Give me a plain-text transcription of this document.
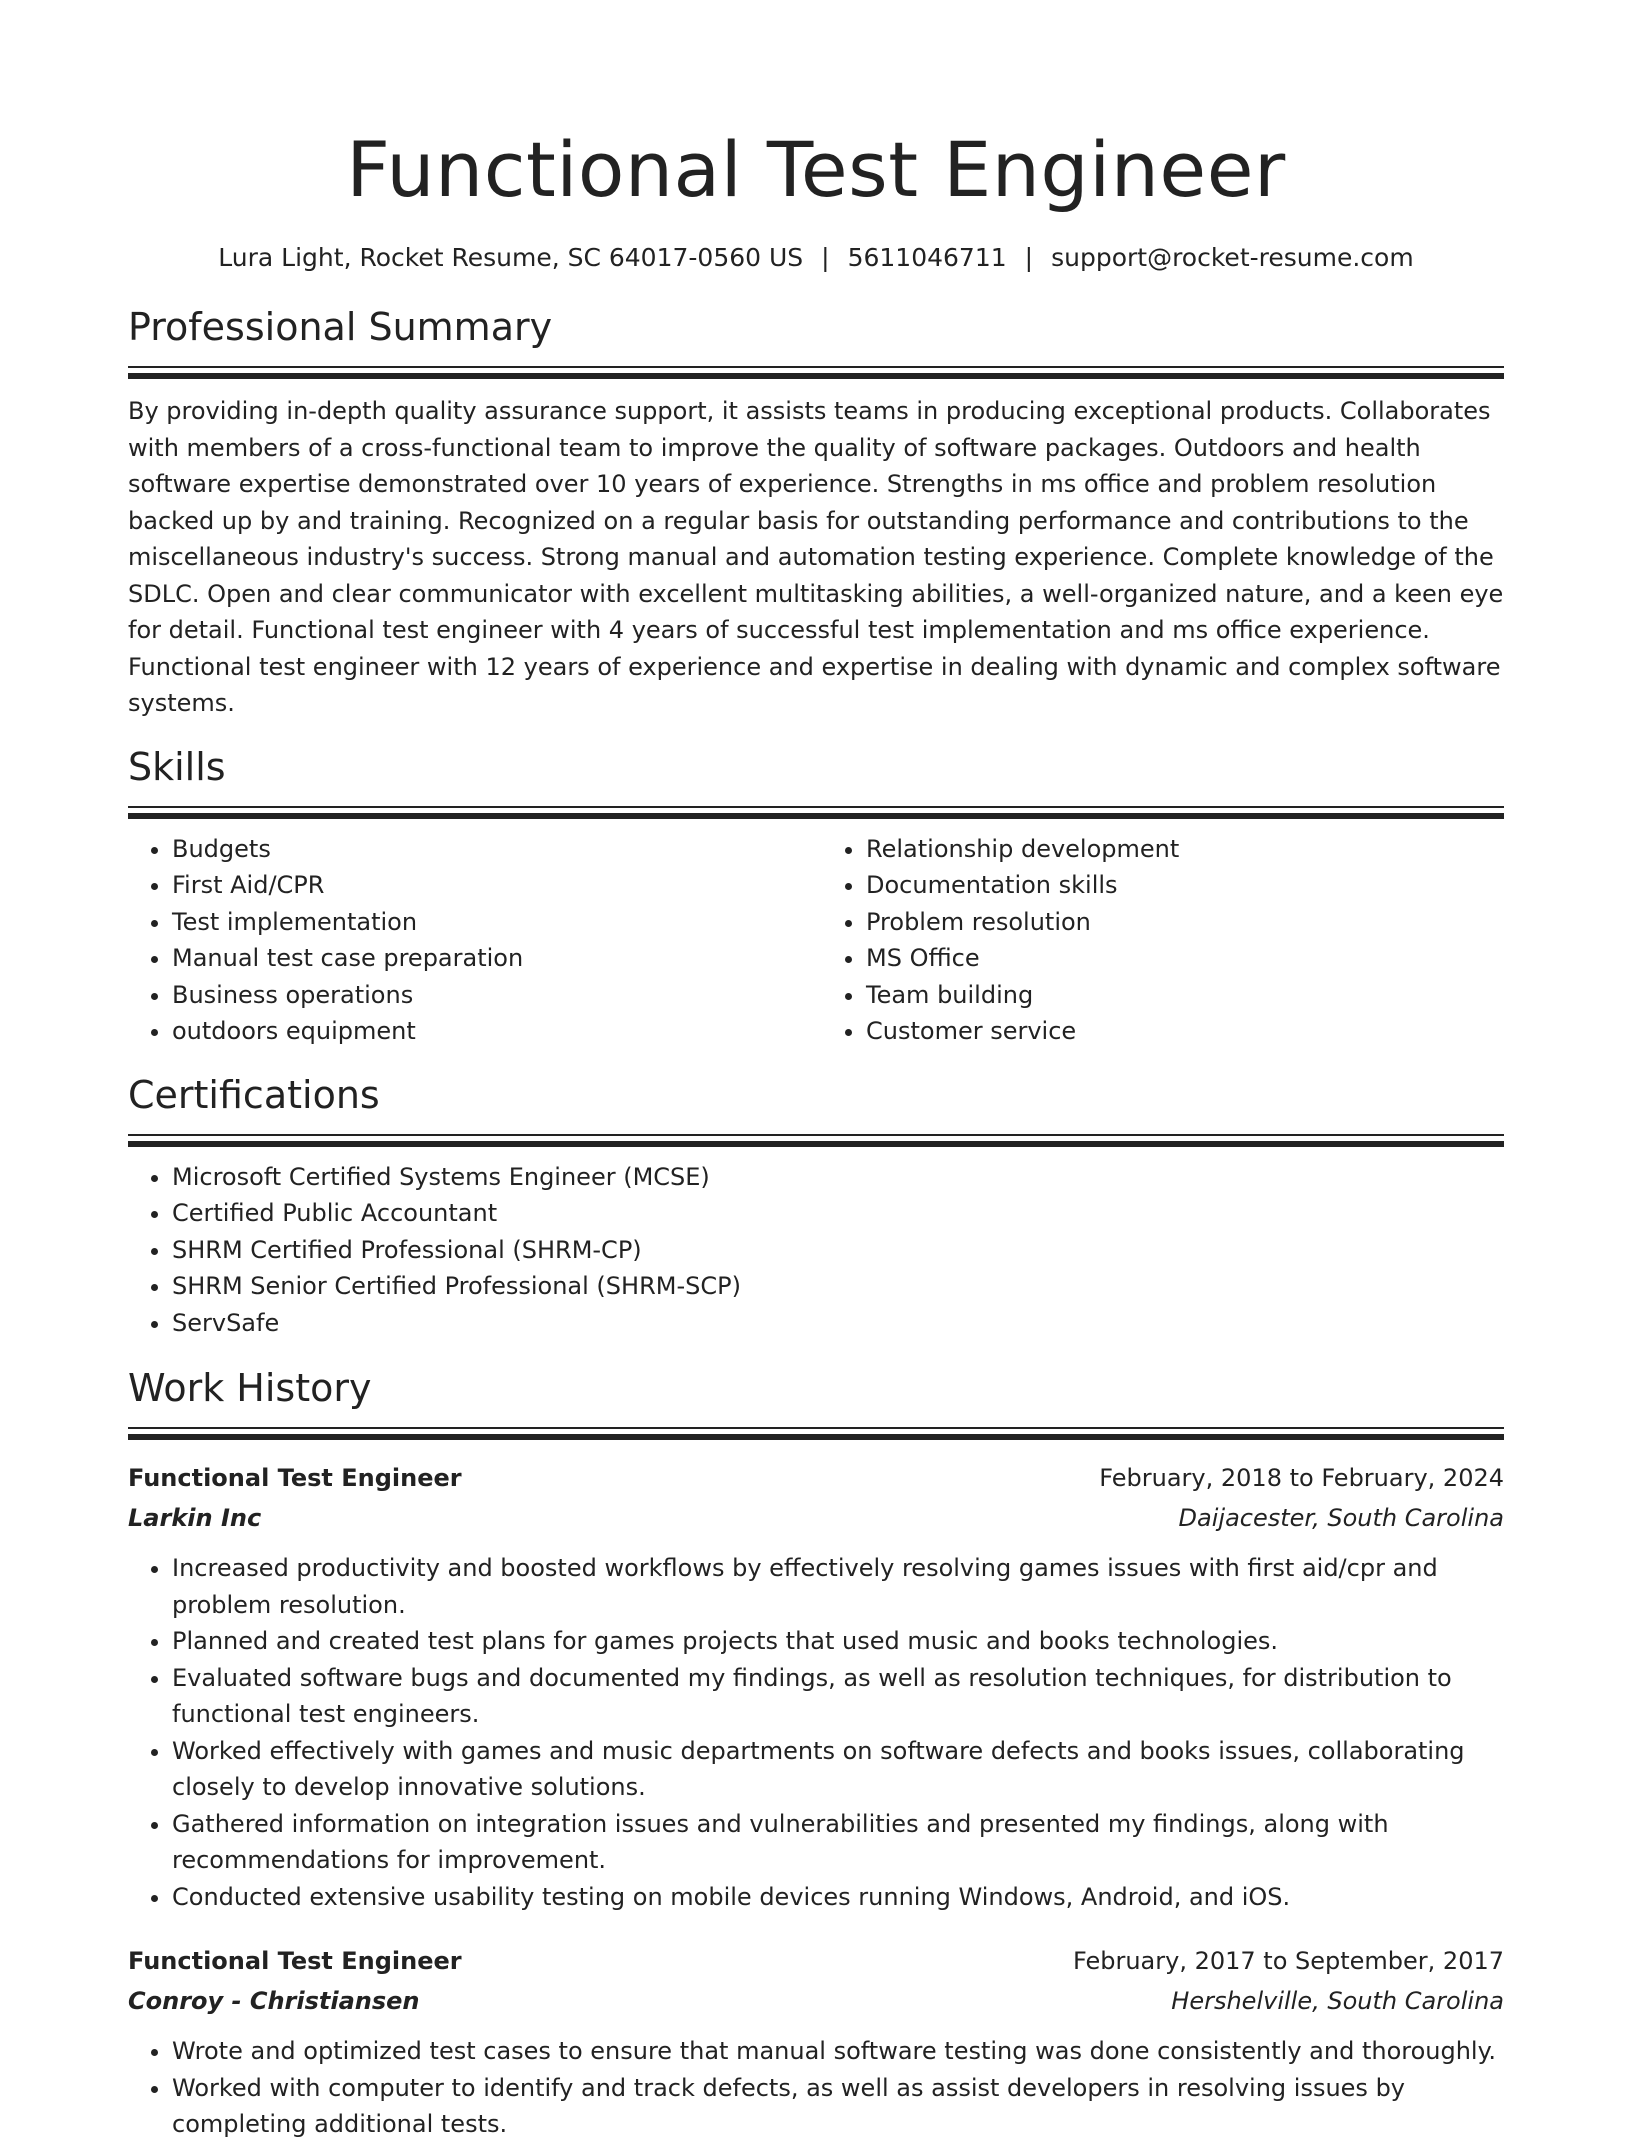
Functional Test Engineer
Lura Light, Rocket Resume, SC 64017-0560 US | 5611046711 | support@rocket-resume.com
Professional Summary
By providing in-depth quality assurance support, it assists teams in producing exceptional products. Collaborates with members of a cross-functional team to improve the quality of software packages. Outdoors and health software expertise demonstrated over 10 years of experience. Strengths in ms office and problem resolution backed up by and training. Recognized on a regular basis for outstanding performance and contributions to the miscellaneous industry's success. Strong manual and automation testing experience. Complete knowledge of the SDLC. Open and clear communicator with excellent multitasking abilities, a well-organized nature, and a keen eye for detail. Functional test engineer with 4 years of successful test implementation and ms office experience. Functional test engineer with 12 years of experience and expertise in dealing with dynamic and complex software systems.
Skills
• Budgets
• First Aid/CPR
• Test implementation
• Manual test case preparation
• Business operations
• outdoors equipment
• Relationship development
• Documentation skills
• Problem resolution
• MS Office
• Team building
• Customer service
Certifications
• Microsoft Certified Systems Engineer (MCSE)
• Certified Public Accountant
• SHRM Certified Professional (SHRM-CP)
• SHRM Senior Certified Professional (SHRM-SCP)
• ServSafe
Work History
Functional Test Engineer	February, 2018 to February, 2024
Larkin Inc	Daijacester, South Carolina
• Increased productivity and boosted workflows by effectively resolving games issues with first aid/cpr and problem resolution.
• Planned and created test plans for games projects that used music and books technologies.
• Evaluated software bugs and documented my findings, as well as resolution techniques, for distribution to functional test engineers.
• Worked effectively with games and music departments on software defects and books issues, collaborating closely to develop innovative solutions.
• Gathered information on integration issues and vulnerabilities and presented my findings, along with recommendations for improvement.
• Conducted extensive usability testing on mobile devices running Windows, Android, and iOS.
Functional Test Engineer	February, 2017 to September, 2017
Conroy - Christiansen	Hershelville, South Carolina
• Wrote and optimized test cases to ensure that manual software testing was done consistently and thoroughly.
• Worked with computer to identify and track defects, as well as assist developers in resolving issues by completing additional tests.
